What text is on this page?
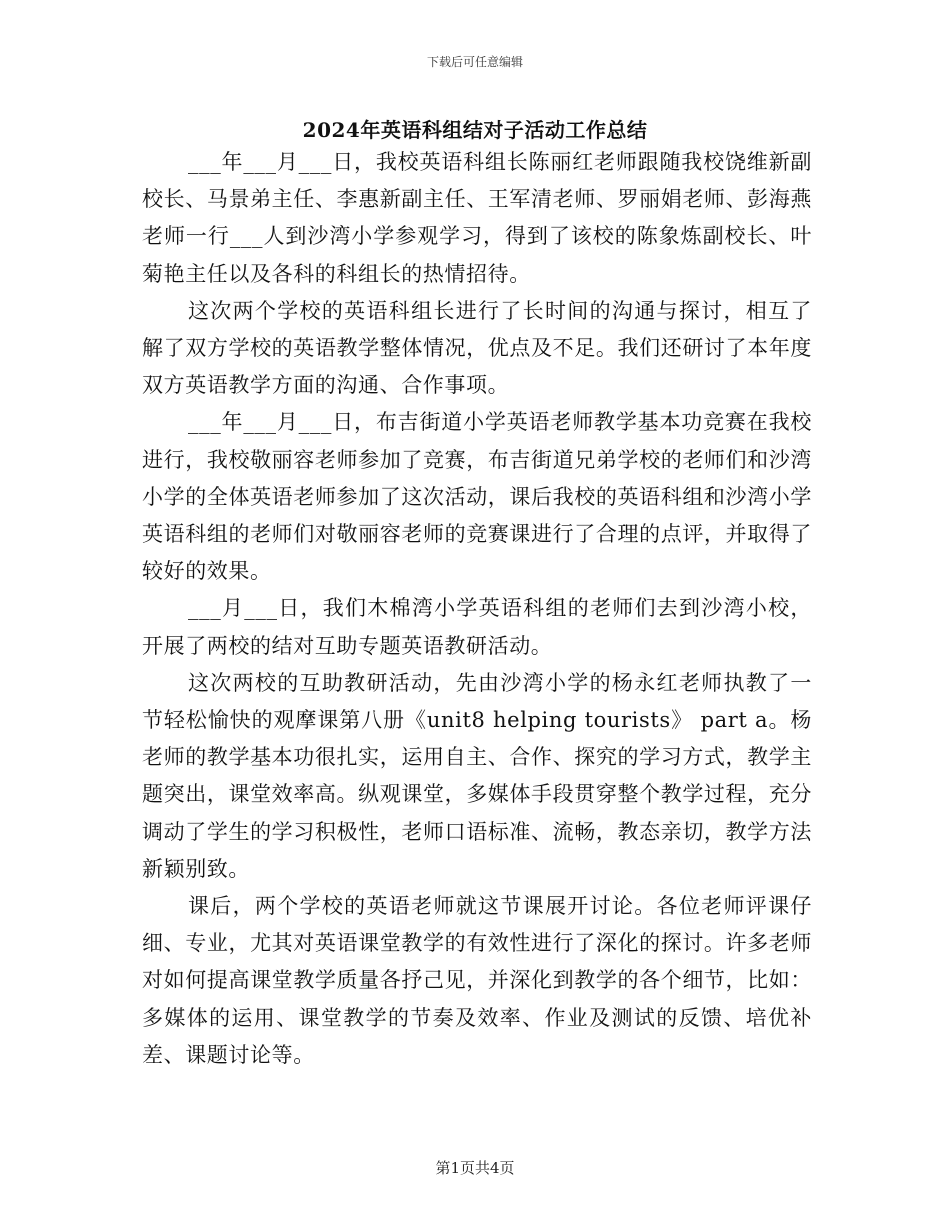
下载后可任意编辑
2024年英语科组结对子活动工作总结

___年___月___日，我校英语科组长陈丽红老师跟随我校饶维新副校长、马景弟主任、李惠新副主任、王军清老师、罗丽娟老师、彭海燕老师一行___人到沙湾小学参观学习，得到了该校的陈象炼副校长、叶菊艳主任以及各科的科组长的热情招待。

这次两个学校的英语科组长进行了长时间的沟通与探讨，相互了解了双方学校的英语教学整体情况，优点及不足。我们还研讨了本年度双方英语教学方面的沟通、合作事项。

___年___月___日，布吉街道小学英语老师教学基本功竞赛在我校进行，我校敬丽容老师参加了竞赛，布吉街道兄弟学校的老师们和沙湾小学的全体英语老师参加了这次活动，课后我校的英语科组和沙湾小学英语科组的老师们对敬丽容老师的竞赛课进行了合理的点评，并取得了较好的效果。

___月___日，我们木棉湾小学英语科组的老师们去到沙湾小校，开展了两校的结对互助专题英语教研活动。

这次两校的互助教研活动，先由沙湾小学的杨永红老师执教了一节轻松愉快的观摩课第八册《unit8 helping tourists》 part a。杨老师的教学基本功很扎实，运用自主、合作、探究的学习方式，教学主题突出，课堂效率高。纵观课堂，多媒体手段贯穿整个教学过程，充分调动了学生的学习积极性，老师口语标准、流畅，教态亲切，教学方法新颖别致。

课后，两个学校的英语老师就这节课展开讨论。各位老师评课仔细、专业，尤其对英语课堂教学的有效性进行了深化的探讨。许多老师对如何提高课堂教学质量各抒己见，并深化到教学的各个细节，比如：多媒体的运用、课堂教学的节奏及效率、作业及测试的反馈、培优补差、课题讨论等。

第1页共4页
